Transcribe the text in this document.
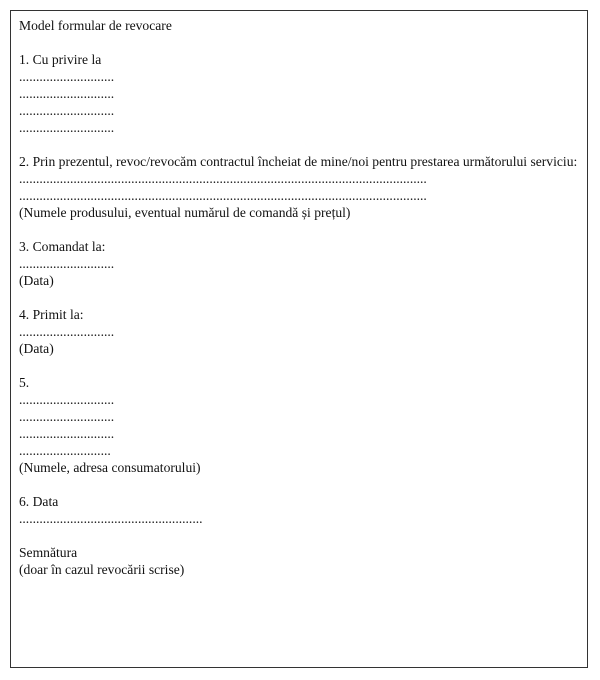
Model formular de revocare
1. Cu privire la
............................
............................
............................
............................
2. Prin prezentul, revoc/revocăm contractul încheiat de mine/noi pentru prestarea următorului serviciu:
........................................................................................................................
........................................................................................................................
(Numele produsului, eventual numărul de comandă și prețul)
3. Comandat la:
............................
(Data)
4. Primit la:
............................
(Data)
5.
............................
............................
............................
...........................
(Numele, adresa consumatorului)
6. Data
......................................................
Semnătura
(doar în cazul revocării scrise)
